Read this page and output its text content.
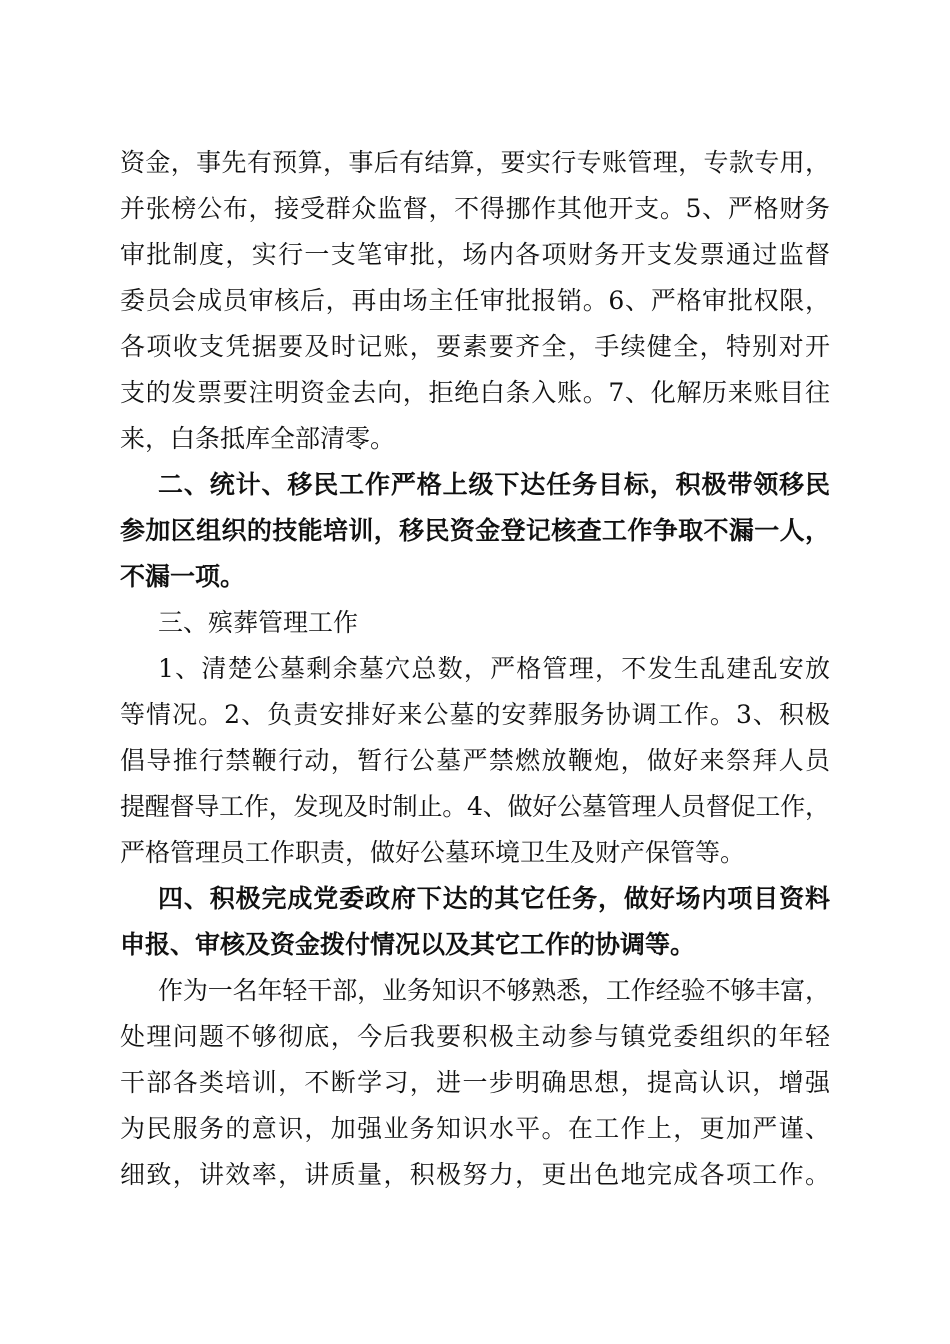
资金，事先有预算，事后有结算，要实行专账管理，专款专用，
并张榜公布，接受群众监督，不得挪作其他开支。5、严格财务
审批制度，实行一支笔审批，场内各项财务开支发票通过监督
委员会成员审核后，再由场主任审批报销。6、严格审批权限，
各项收支凭据要及时记账，要素要齐全，手续健全，特别对开
支的发票要注明资金去向，拒绝白条入账。7、化解历来账目往
来，白条抵库全部清零。
二、统计、移民工作严格上级下达任务目标，积极带领移民
参加区组织的技能培训，移民资金登记核查工作争取不漏一人，
不漏一项。
三、殡葬管理工作
1、清楚公墓剩余墓穴总数，严格管理，不发生乱建乱安放
等情况。2、负责安排好来公墓的安葬服务协调工作。3、积极
倡导推行禁鞭行动，暂行公墓严禁燃放鞭炮，做好来祭拜人员
提醒督导工作，发现及时制止。4、做好公墓管理人员督促工作，
严格管理员工作职责，做好公墓环境卫生及财产保管等。
四、积极完成党委政府下达的其它任务，做好场内项目资料
申报、审核及资金拨付情况以及其它工作的协调等。
作为一名年轻干部，业务知识不够熟悉，工作经验不够丰富，
处理问题不够彻底，今后我要积极主动参与镇党委组织的年轻
干部各类培训，不断学习，进一步明确思想，提高认识，增强
为民服务的意识，加强业务知识水平。在工作上，更加严谨、
细致，讲效率，讲质量，积极努力，更出色地完成各项工作。
